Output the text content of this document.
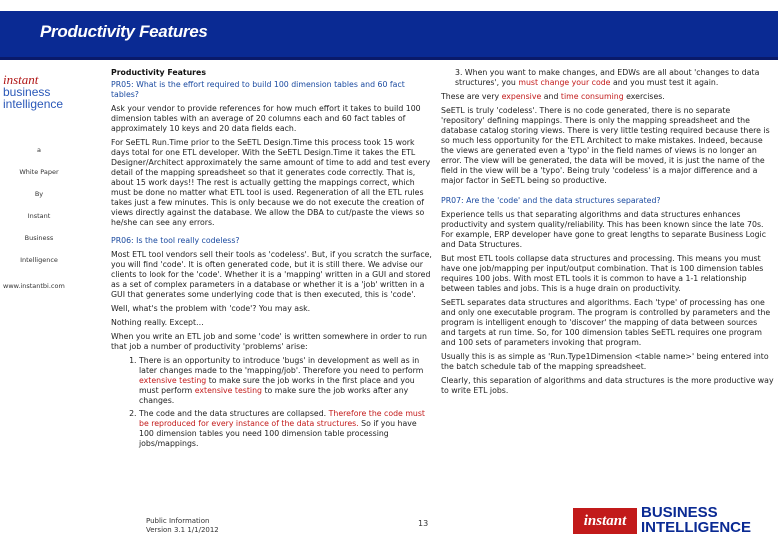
Productivity Features
instant
business
intelligence
a
White Paper
By
Instant
Business
Intelligence
www.instantbi.com

Productivity Features

PR05: What is the effort required to build 100 dimension tables and 60 fact tables?

Ask your vendor to provide references for how much effort it takes to build 100 dimension tables with an average of 20 columns each and 60 fact tables of approximately 10 keys and 20 data fields each.

For SeETL Run.Time prior to the SeETL Design.Time this process took 15 work days total for one ETL developer. With the SeETL Design.Time it takes the ETL Designer/Architect approximately the same amount of time to add and test every detail of the mapping spreadsheet so that it generates code correctly. That is, about 15 work days!! The rest is actually getting the mappings correct, which must be done no matter what ETL tool is used. Regeneration of all the ETL rules takes just a few minutes. This is only because we do not execute the creation of views directly against the database. We allow the DBA to cut/paste the views so he/she can see any errors.

PR06: Is the tool really codeless?

Most ETL tool vendors sell their tools as 'codeless'. But, if you scratch the surface, you will find 'code'. It is often generated code, but it is still there. We advise our clients to look for the 'code'. Whether it is a 'mapping' written in a GUI and stored as a set of complex parameters in a database or whether it is a 'job' written in a GUI that generates some underlying code that is then executed, this is 'code'.

Well, what's the problem with 'code'? You may ask.

Nothing really. Except…

When you write an ETL job and some 'code' is written somewhere in order to run that job a number of productivity 'problems' arise:

1. There is an opportunity to introduce 'bugs' in development as well as in later changes made to the 'mapping/job'. Therefore you need to perform extensive testing to make sure the job works in the first place and you must perform extensive testing to make sure the job works after any changes.
2. The code and the data structures are collapsed. Therefore the code must be reproduced for every instance of the data structures. So if you have 100 dimension tables you need 100 dimension table processing jobs/mappings.

3. When you want to make changes, and EDWs are all about 'changes to data structures', you must change your code and you must test it again.

These are very expensive and time consuming exercises.

SeETL is truly 'codeless'. There is no code generated, there is no separate 'repository' defining mappings. There is only the mapping spreadsheet and the database catalog storing views. There is very little testing required because there is so much less opportunity for the ETL Architect to make mistakes. Indeed, because the views are generated even a 'typo' in the field names of views is no longer an error. The view will be generated, the data will be moved, it is just the name of the field in the view will be a 'typo'. Being truly 'codeless' is a major difference and a major factor in SeETL being so productive.

PR07: Are the 'code' and the data structures separated?

Experience tells us that separating algorithms and data structures enhances productivity and system quality/reliability. This has been known since the late 70s. For example, ERP developer have gone to great lengths to separate Business Logic and Data Structures.

But most ETL tools collapse data structures and processing. This means you must have one job/mapping per input/output combination. That is 100 dimension tables requires 100 jobs. With most ETL tools it is common to have a 1-1 relationship between tables and jobs. This is a huge drain on productivity.

SeETL separates data structures and algorithms. Each 'type' of processing has one and only one executable program. The program is controlled by parameters and the program is intelligent enough to 'discover' the mapping of data between sources and targets at run time. So, for 100 dimension tables SeETL requires one program and 100 sets of parameters invoking that program.

Usually this is as simple as 'Run.Type1Dimension <table name>' being entered into the batch schedule tab of the mapping spreadsheet.

Clearly, this separation of algorithms and data structures is the more productive way to write ETL jobs.

Public Information
Version 3.1 1/1/2012
13	instant BUSINESS
INTELLIGENCE
